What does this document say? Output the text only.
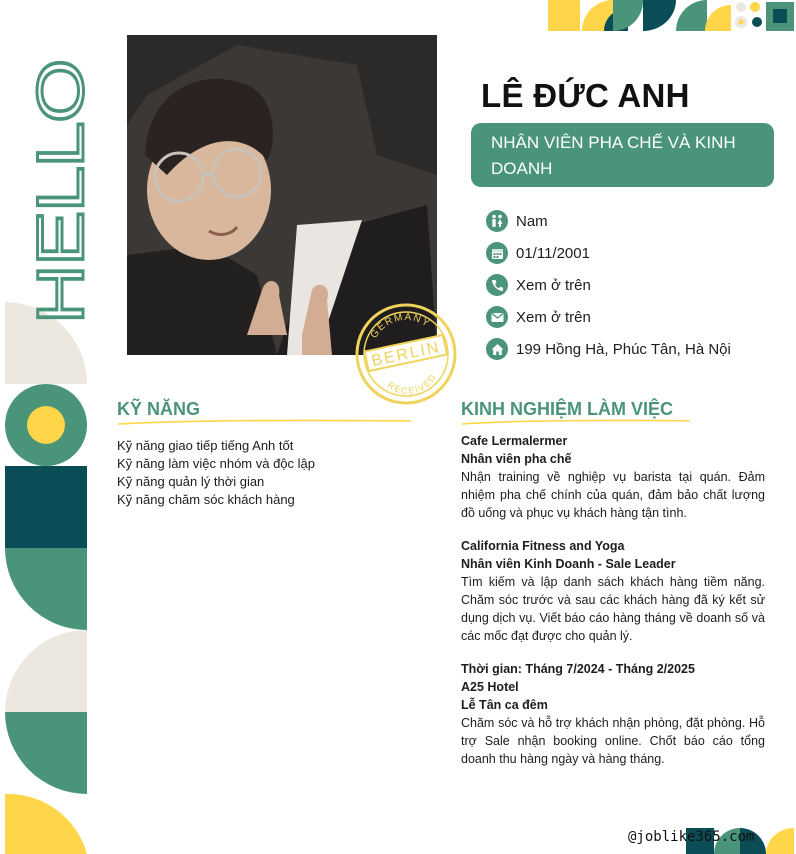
HELLO
GERMANY
BERLIN
RECEIVED
LÊ ĐỨC ANH
NHÂN VIÊN PHA CHẾ VÀ KINH DOANH
Nam
01/11/2001
Xem ở trên
Xem ở trên
199 Hồng Hà, Phúc Tân, Hà Nội
KỸ NĂNG
Kỹ năng giao tiếp tiếng Anh tốt
Kỹ năng làm việc nhóm và độc lập
Kỹ năng quản lý thời gian
Kỹ năng chăm sóc khách hàng
KINH NGHIỆM LÀM VIỆC
Cafe Lermalermer
Nhân viên pha chế
Nhận training về nghiệp vụ barista tại quán. Đảm nhiệm pha chế chính của quán, đảm bảo chất lượng đồ uống và phục vụ khách hàng tận tình.
California Fitness and Yoga
Nhân viên Kinh Doanh - Sale Leader
Tìm kiếm và lập danh sách khách hàng tiềm năng. Chăm sóc trước và sau các khách hàng đã ký kết sử dụng dịch vụ. Viết báo cáo hàng tháng về doanh số và các mốc đạt được cho quản lý.
Thời gian: Tháng 7/2024 - Tháng 2/2025
A25 Hotel
Lễ Tân ca đêm
Chăm sóc và hỗ trợ khách nhận phòng, đặt phòng. Hỗ trợ Sale nhận booking online. Chốt báo cáo tổng doanh thu hàng ngày và hàng tháng.
@joblike365.com
